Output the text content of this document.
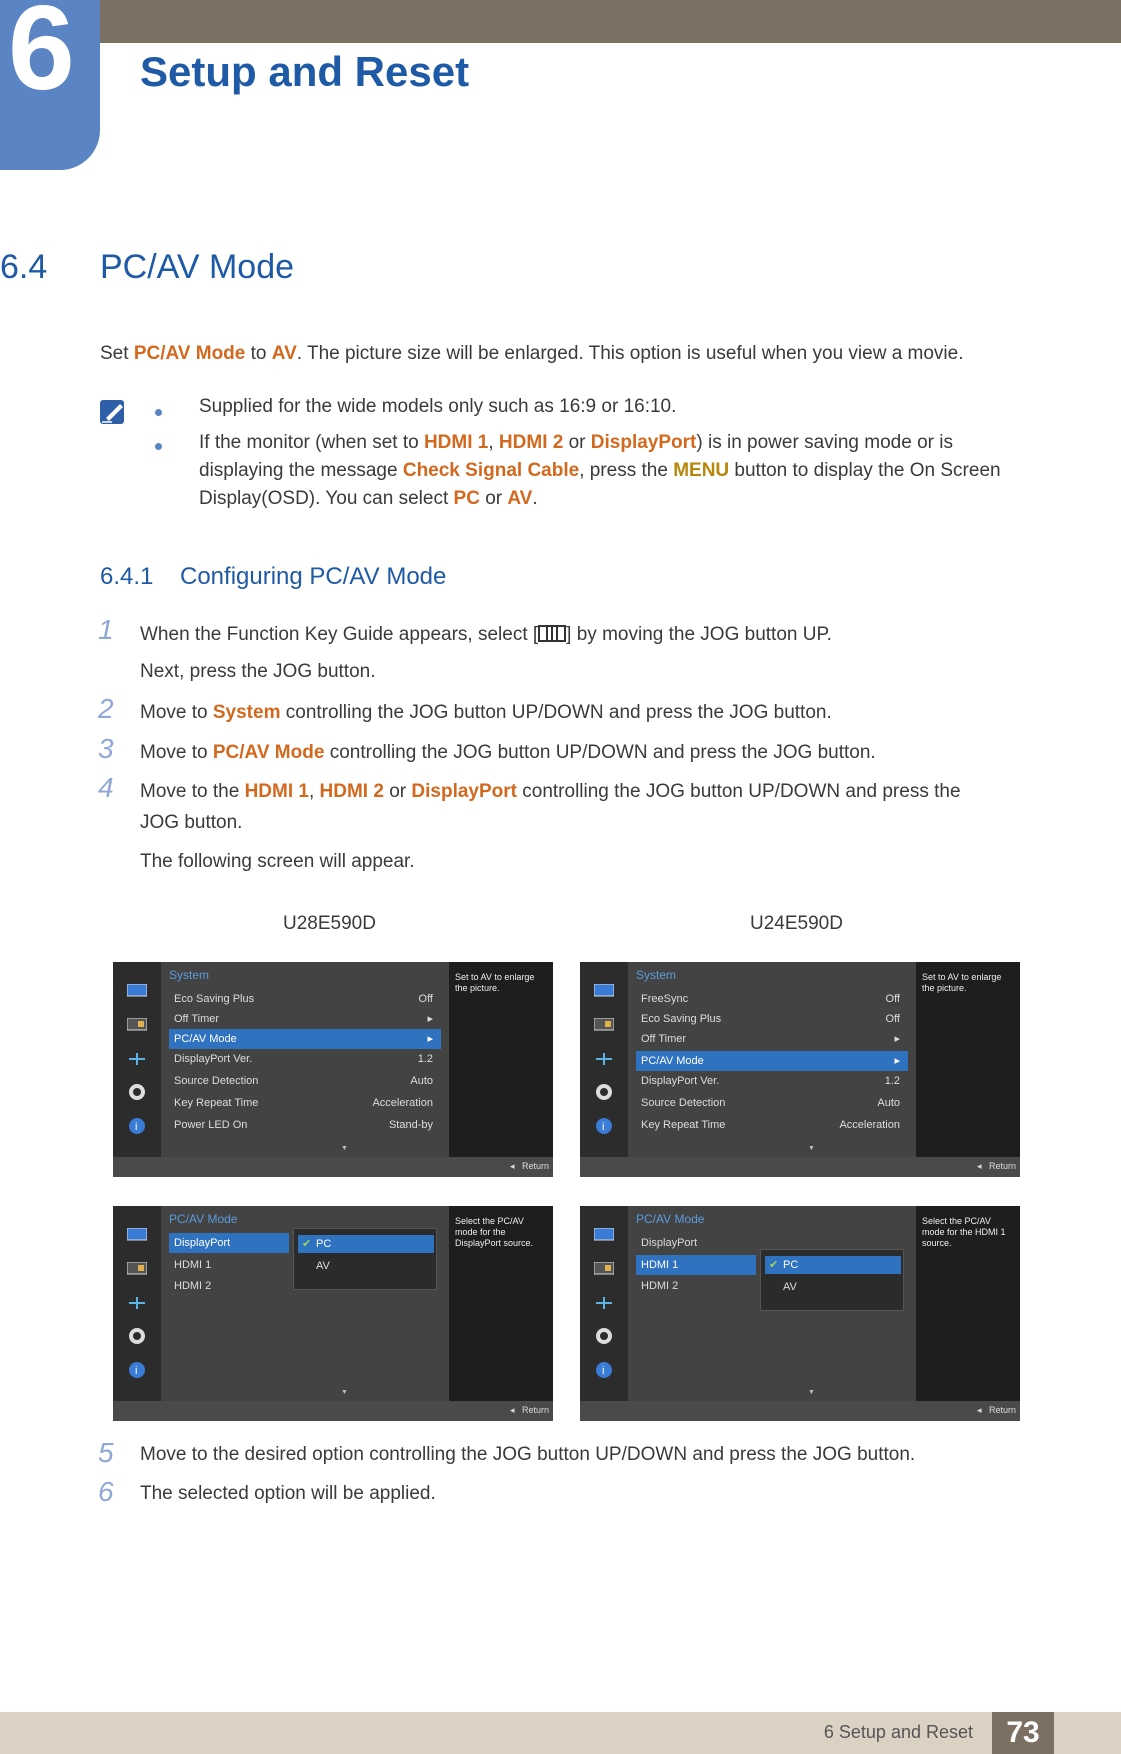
6 Setup and Reset
6.4 PC/AV Mode
Set PC/AV Mode to AV. The picture size will be enlarged. This option is useful when you view a movie.
Supplied for the wide models only such as 16:9 or 16:10.
If the monitor (when set to HDMI 1, HDMI 2 or DisplayPort) is in power saving mode or is
displaying the message Check Signal Cable, press the MENU button to display the On Screen
Display(OSD). You can select PC or AV.
6.4.1 Configuring PC/AV Mode
1 When the Function Key Guide appears, select [ ] by moving the JOG button UP.
Next, press the JOG button.
2 Move to System controlling the JOG button UP/DOWN and press the JOG button.
3 Move to PC/AV Mode controlling the JOG button UP/DOWN and press the JOG button.
4 Move to the HDMI 1, HDMI 2 or DisplayPort controlling the JOG button UP/DOWN and press the
JOG button.
The following screen will appear.
U28E590D	U24E590D
i
System
Eco Saving Plus	Off
Off Timer	▸
PC/AV Mode	▸
DisplayPort Ver.	1.2
Source Detection	Auto
Key Repeat Time	Acceleration
Power LED On	Stand-by
▼
Set to AV to enlarge the picture.
◂   Return
i
System
FreeSync	Off
Eco Saving Plus	Off
Off Timer	▸
PC/AV Mode	▸
DisplayPort Ver.	1.2
Source Detection	Auto
Key Repeat Time	Acceleration
▼
Set to AV to enlarge the picture.
◂   Return
i
PC/AV Mode
DisplayPort
HDMI 1
HDMI 2
✔ PC
AV
▼
Select the PC/AV mode for the DisplayPort source.
◂   Return
i
PC/AV Mode
DisplayPort
HDMI 1
HDMI 2
✔ PC
AV
▼
Select the PC/AV mode for the HDMI 1 source.
◂   Return
5 Move to the desired option controlling the JOG button UP/DOWN and press the JOG button.
6 The selected option will be applied.
6 Setup and Reset	73
